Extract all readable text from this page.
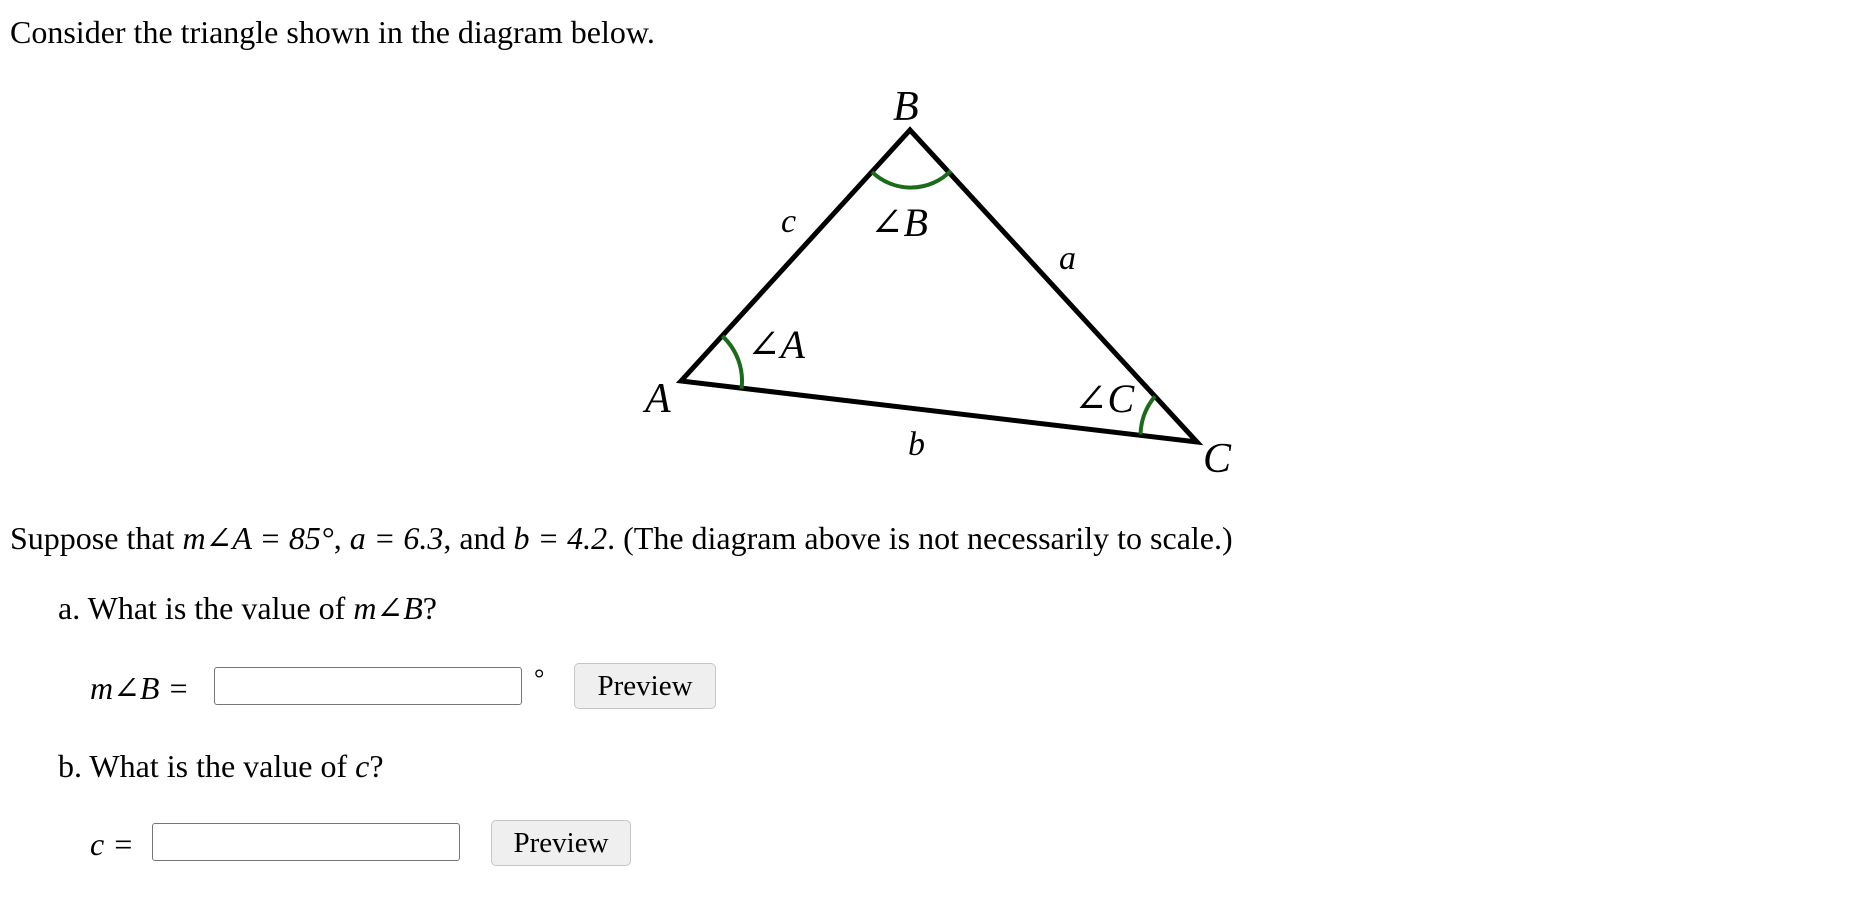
Consider the triangle shown in the diagram below.
B
A
C
c
a
b
∠B
∠A
∠C
Suppose that m∠A = 85°, a = 6.3, and b = 4.2. (The diagram above is not necessarily to scale.)
a. What is the value of m∠B?
m∠B =	°	Preview
b. What is the value of c?
c =	Preview
